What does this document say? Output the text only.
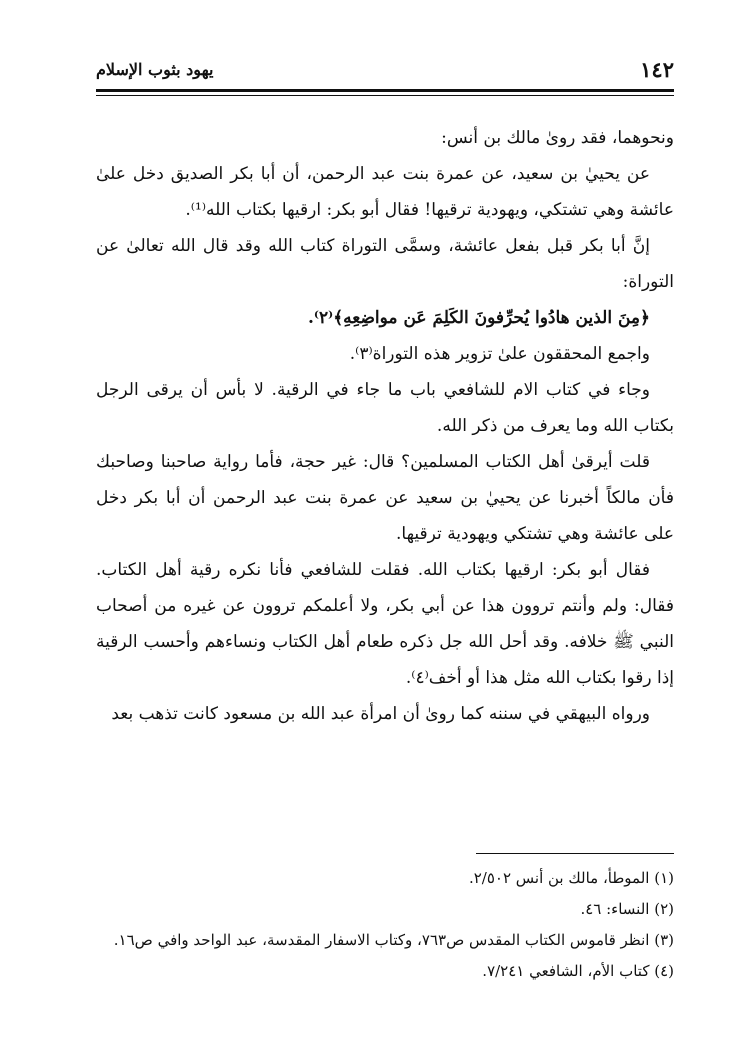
١٤٢
يهود بثوب الإسلام

ونحوهما، فقد روىٰ مالك بن أنس:

عن يحييٰ بن سعيد، عن عمرة بنت عبد الرحمن، أن أبا بكر الصديق دخل علىٰ عائشة وهي تشتكي، ويهودية ترقيها! فقال أبو بكر: ارقيها بكتاب الله⁽¹⁾.

إنَّ أبا بكر قبل بفعل عائشة، وسمَّى التوراة كتاب الله وقد قال الله تعالىٰ عن التوراة:

﴿مِنَ الذين هادُوا يُحرِّفونَ الكَلِمَ عَن مواضِعِهِ﴾⁽٢⁾.

واجمع المحققون علىٰ تزوير هذه التوراة⁽٣⁾.

وجاء في كتاب الام للشافعي باب ما جاء في الرقية. لا بأس أن يرقى الرجل بكتاب الله وما يعرف من ذكر الله.

قلت أيرقىٰ أهل الكتاب المسلمين؟ قال: غير حجة، فأما رواية صاحبنا وصاحبك فأن مالكاً أخبرنا عن يحييٰ بن سعيد عن عمرة بنت عبد الرحمن أن أبا بكر دخل على عائشة وهي تشتكي ويهودية ترقيها.

فقال أبو بكر: ارقيها بكتاب الله. فقلت للشافعي فأنا نكره رقية أهل الكتاب. فقال: ولم وأنتم تروون هذا عن أبي بكر، ولا أعلمكم تروون عن غيره من أصحاب النبي ﷺ خلافه. وقد أحل الله جل ذكره طعام أهل الكتاب ونساءهم وأحسب الرقية إذا رقوا بكتاب الله مثل هذا أو أخف⁽٤⁾.

ورواه البيهقي في سننه كما روىٰ أن امرأة عبد الله بن مسعود كانت تذهب بعد

(١) الموطأ، مالك بن أنس ٢/٥٠٢.

(٢) النساء: ٤٦.

(٣) انظر قاموس الكتاب المقدس ص٧٦٣، وكتاب الاسفار المقدسة، عبد الواحد وافي ص١٦.

(٤) كتاب الأم، الشافعي ٧/٢٤١.
